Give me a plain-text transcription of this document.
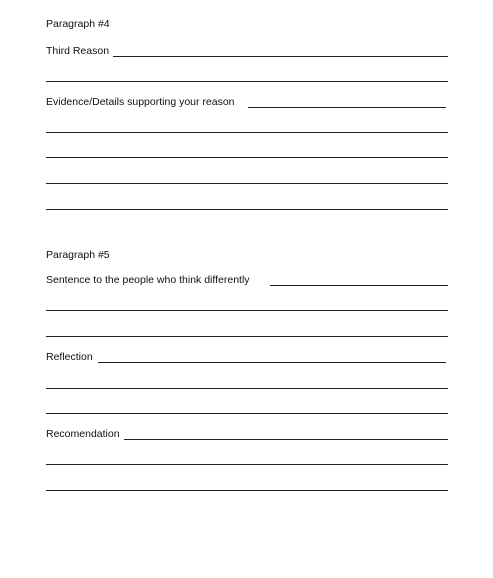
Paragraph #4
Third Reason
Evidence/Details supporting your reason
Paragraph #5
Sentence to the people who think differently
Reflection
Recomendation
